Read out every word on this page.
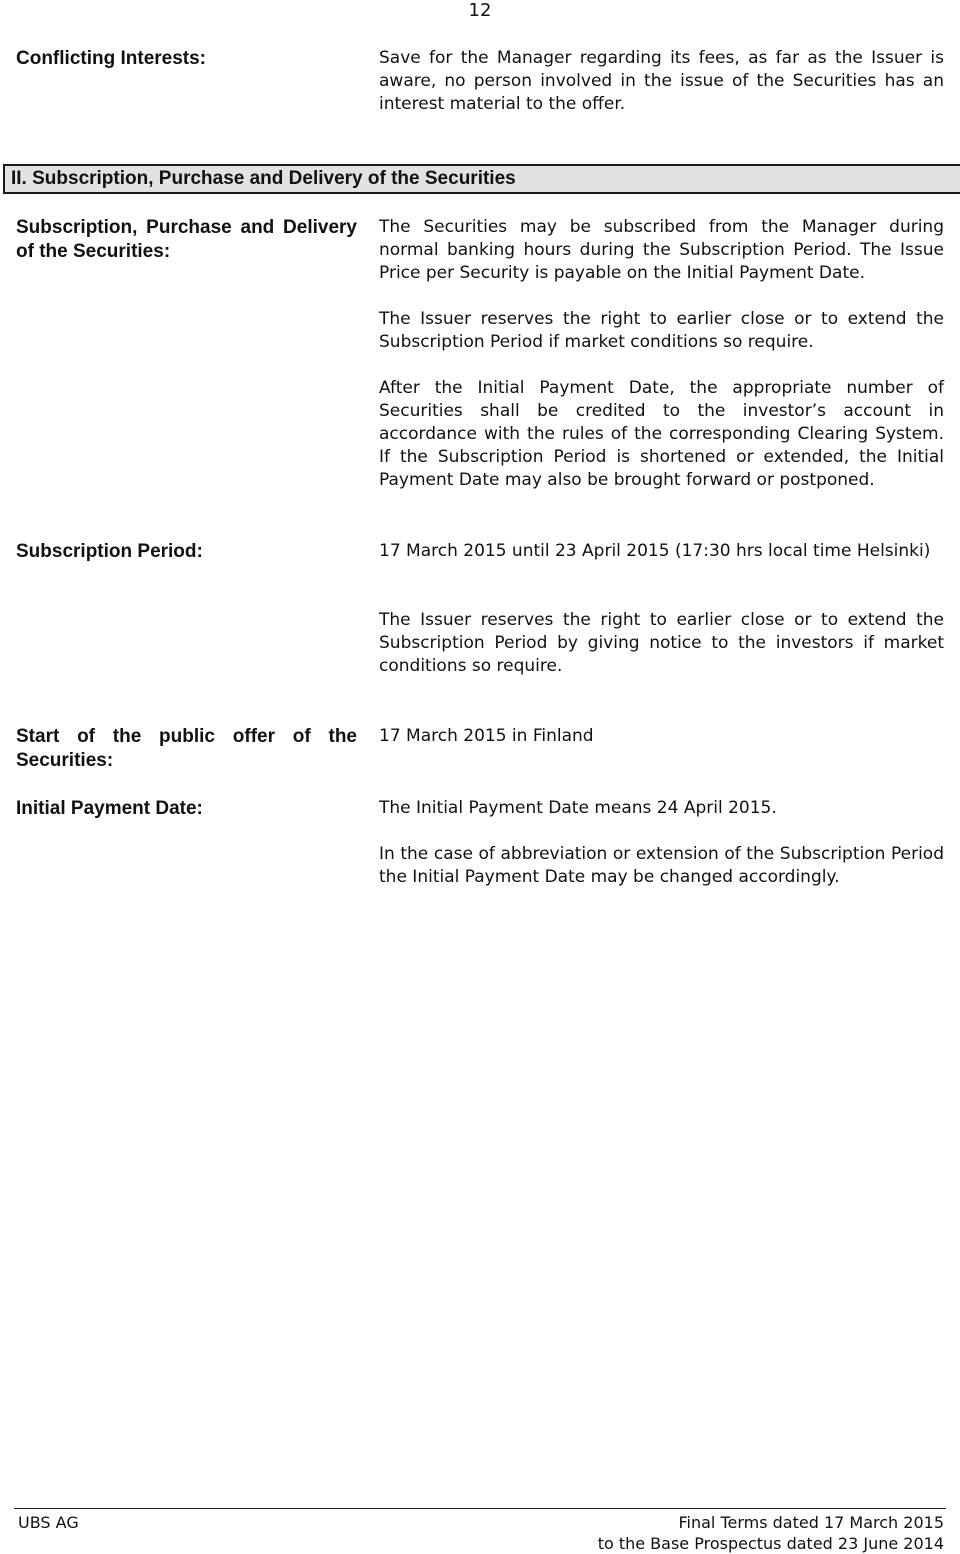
12
Conflicting Interests:	Save for the Manager regarding its fees, as far as the Issuer is aware, no person involved in the issue of the Securities has an interest material to the offer.
II. Subscription, Purchase and Delivery of the Securities
Subscription, Purchase and Delivery of the Securities:
The Securities may be subscribed from the Manager during normal banking hours during the Subscription Period. The Issue Price per Security is payable on the Initial Payment Date.
The Issuer reserves the right to earlier close or to extend the Subscription Period if market conditions so require.
After the Initial Payment Date, the appropriate number of Securities shall be credited to the investor’s account in accordance with the rules of the corresponding Clearing System. If the Subscription Period is shortened or extended, the Initial Payment Date may also be brought forward or postponed.
Subscription Period:	17 March 2015 until 23 April 2015 (17:30 hrs local time Helsinki)
The Issuer reserves the right to earlier close or to extend the Subscription Period by giving notice to the investors if market conditions so require.
Start of the public offer of the Securities:
17 March 2015 in Finland
Initial Payment Date:	The Initial Payment Date means 24 April 2015.
In the case of abbreviation or extension of the Subscription Period the Initial Payment Date may be changed accordingly.
UBS AG	Final Terms dated 17 March 2015
to the Base Prospectus dated 23 June 2014
